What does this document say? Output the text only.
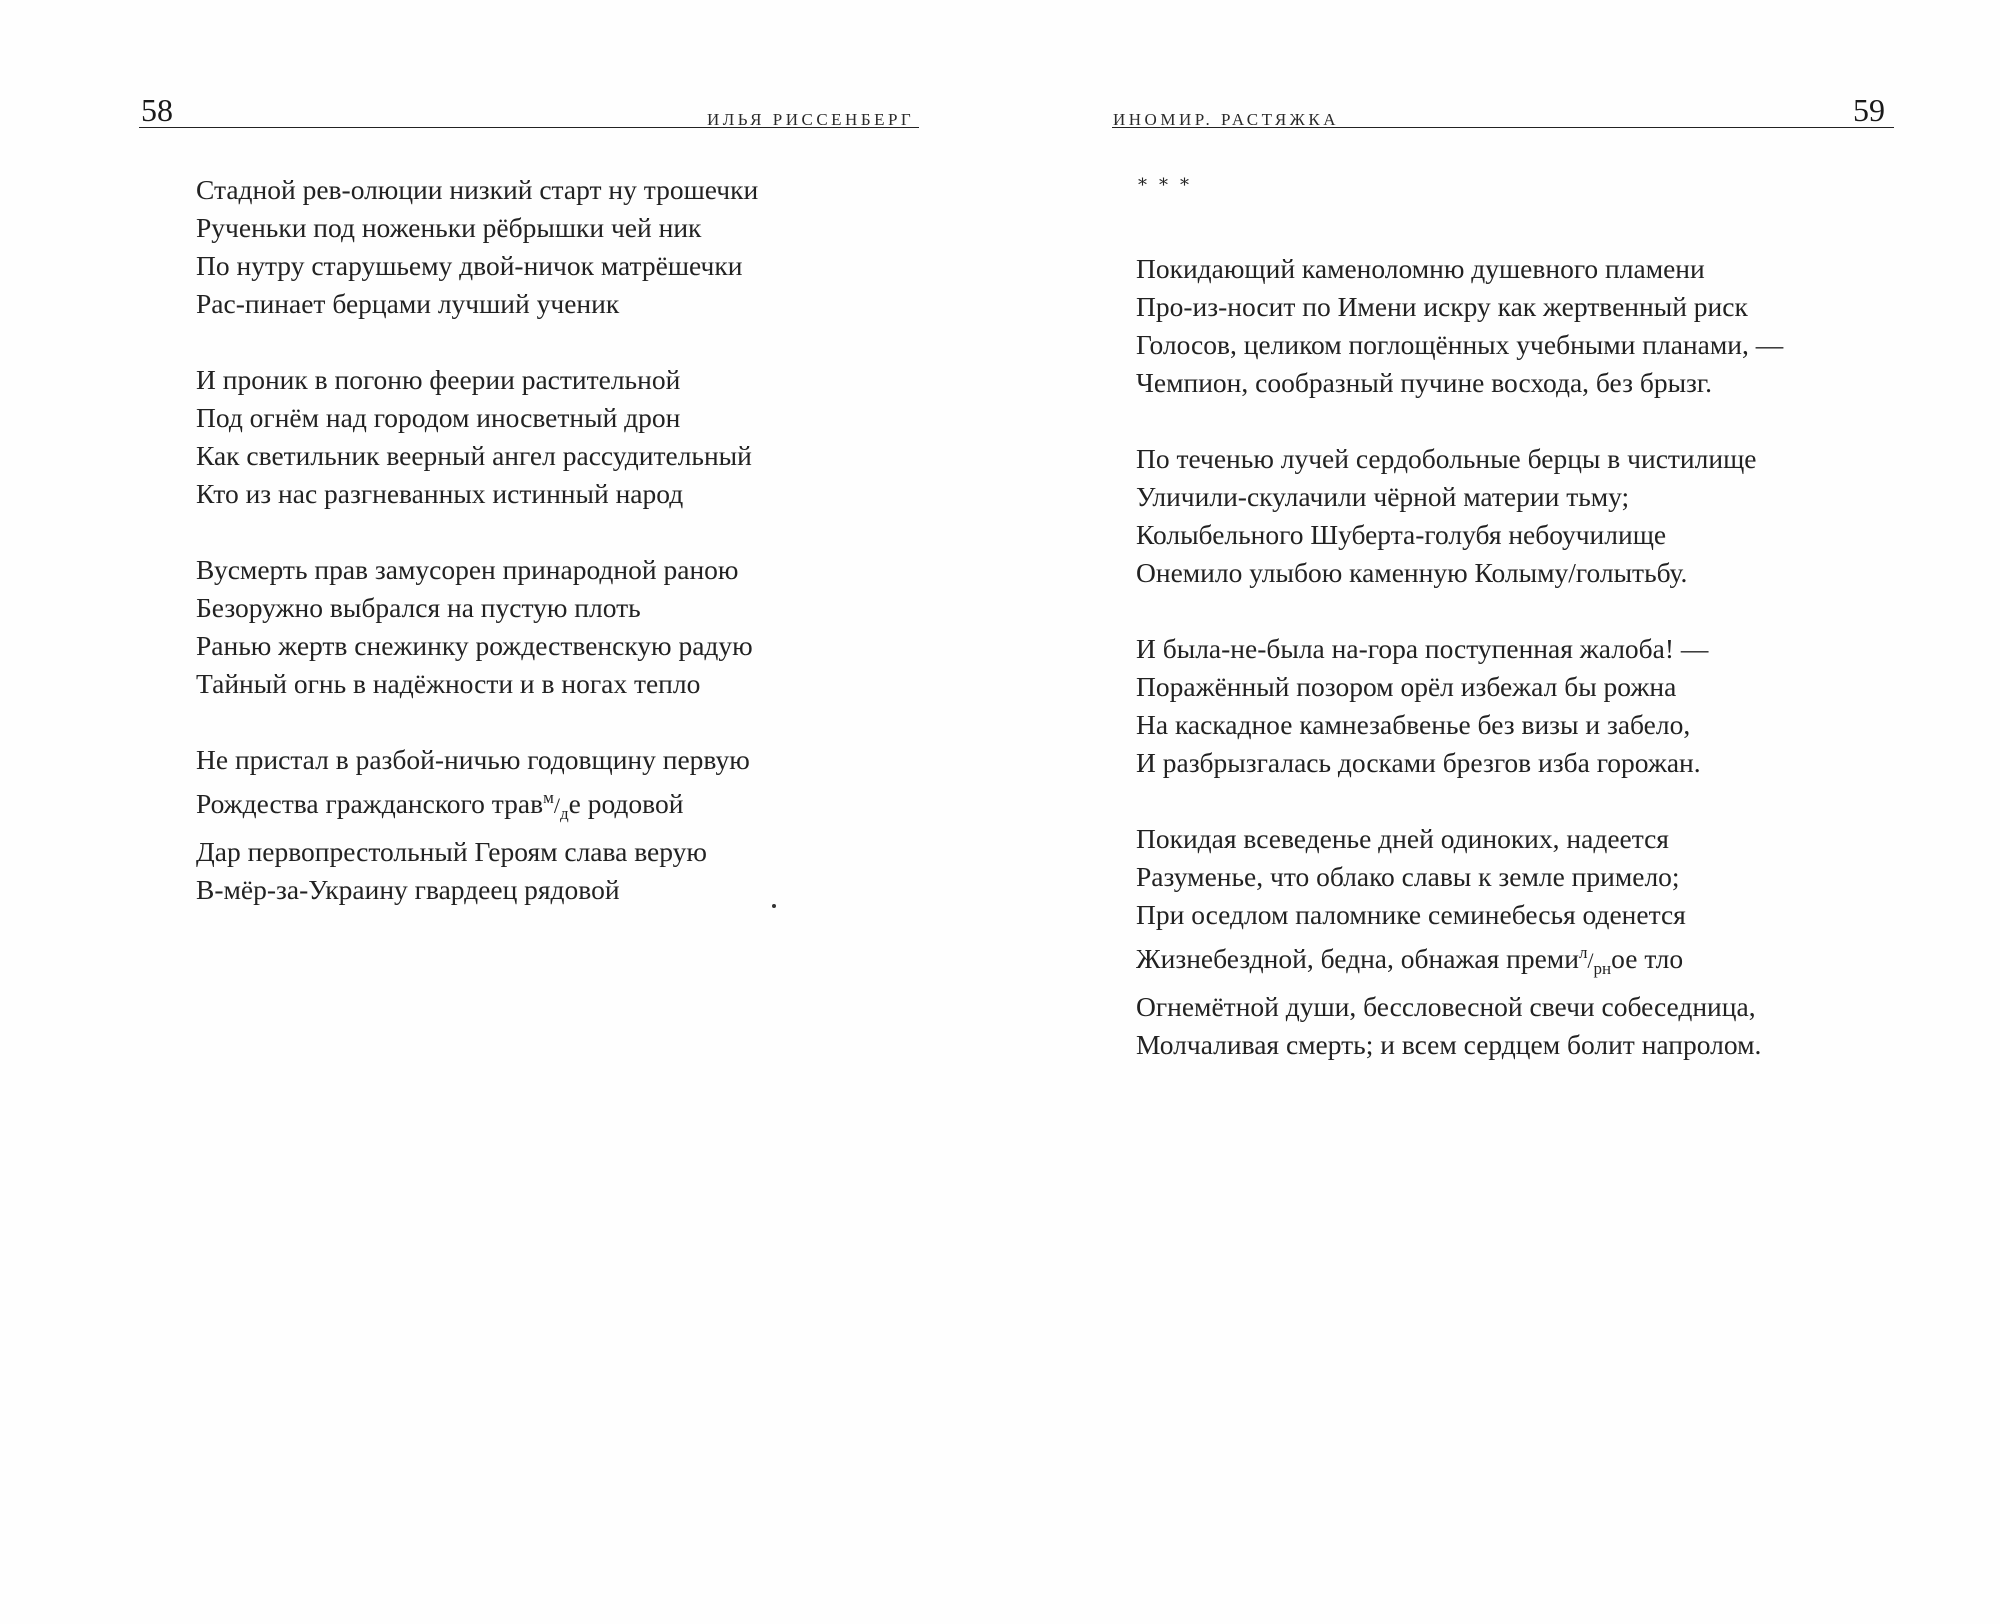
58	ИЛЬЯ РИССЕНБЕРГ
Стадной рев-олюции низкий старт ну трошечки
Рученьки под ноженьки рёбрышки чей ник
По нутру старушьему двой-ничок матрёшечки
Рас-пинает берцами лучший ученик
И проник в погоню феерии растительной
Под огнём над городом иносветный дрон
Как светильник веерный ангел рассудительный
Кто из нас разгневанных истинный народ
Вусмерть прав замусорен принародной раною
Безоружно выбрался на пустую плоть
Ранью жертв снежинку рождественскую радую
Тайный огнь в надёжности и в ногах тепло
Не пристал в разбой-ничью годовщину первую
Рождества гражданского $трав^м/_де$ родовой
Дар первопрестольный Героям слава верую
В-мёр-за-Украину гвардеец рядовой
ИНОМИР. РАСТЯЖКА	59
***
Покидающий каменоломню душевного пламени
Про-из-носит по Имени искру как жертвенный риск
Голосов, целиком поглощённых учебными планами, —
Чемпион, сообразный пучине восхода, без брызг.
По теченью лучей сердобольные берцы в чистилище
Уличили-скулачили чёрной материи тьму;
Колыбельного Шуберта-голубя небоучилище
Онемило улыбою каменную Колыму/голытьбу.
И была-не-была на-гора поступенная жалоба! —
Поражённый позором орёл избежал бы рожна
На каскадное камнезабвенье без визы и забело,
И разбрызгалась досками брезгов изба горожан.
Покидая всеведенье дней одиноких, надеется
Разуменье, что облако славы к земле примело;
При оседлом паломнике семинебесья оденется
Жизнебездной, бедна, обнажая $преми^л/_{рн}ое$ тло
Огнемётной души, бессловесной свечи собеседница,
Молчаливая смерть; и всем сердцем болит напролом.
